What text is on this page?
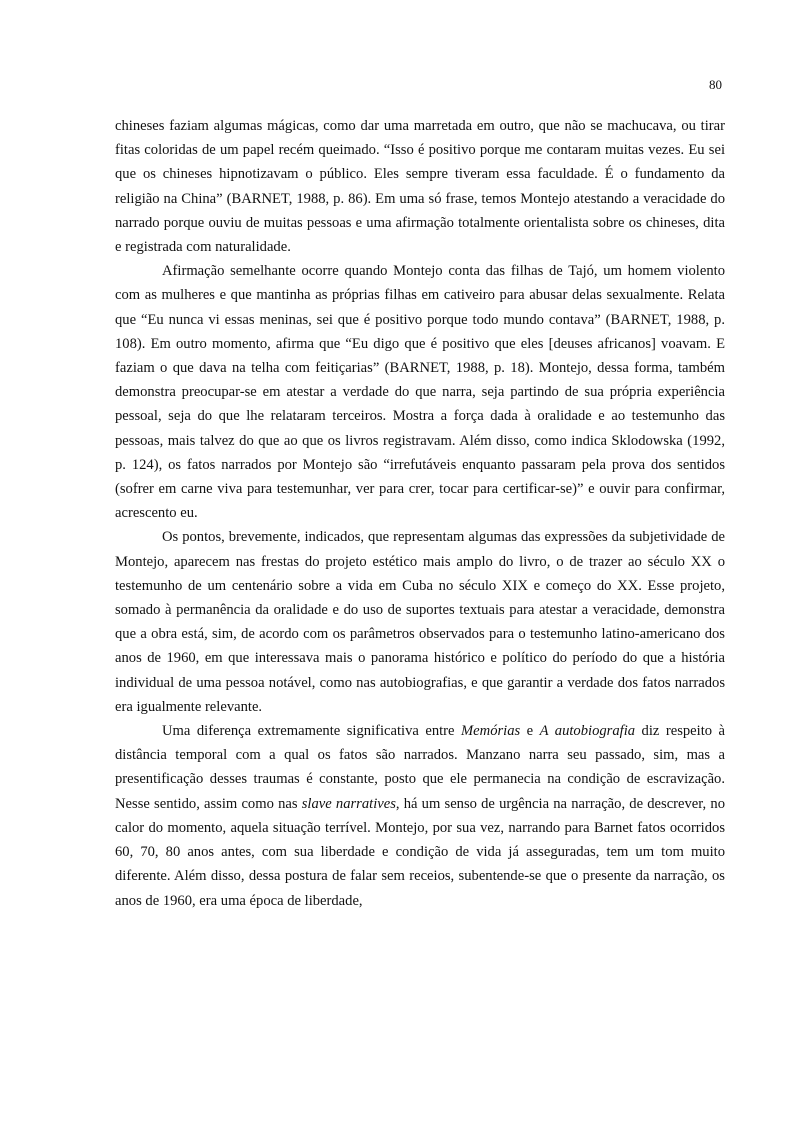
80

chineses faziam algumas mágicas, como dar uma marretada em outro, que não se machucava, ou tirar fitas coloridas de um papel recém queimado. “Isso é positivo porque me contaram muitas vezes. Eu sei que os chineses hipnotizavam o público. Eles sempre tiveram essa faculdade. É o fundamento da religião na China” (BARNET, 1988, p. 86). Em uma só frase, temos Montejo atestando a veracidade do narrado porque ouviu de muitas pessoas e uma afirmação totalmente orientalista sobre os chineses, dita e registrada com naturalidade.

Afirmação semelhante ocorre quando Montejo conta das filhas de Tajó, um homem violento com as mulheres e que mantinha as próprias filhas em cativeiro para abusar delas sexualmente. Relata que “Eu nunca vi essas meninas, sei que é positivo porque todo mundo contava” (BARNET, 1988, p. 108). Em outro momento, afirma que “Eu digo que é positivo que eles [deuses africanos] voavam. E faziam o que dava na telha com feitiçarias” (BARNET, 1988, p. 18). Montejo, dessa forma, também demonstra preocupar-se em atestar a verdade do que narra, seja partindo de sua própria experiência pessoal, seja do que lhe relataram terceiros. Mostra a força dada à oralidade e ao testemunho das pessoas, mais talvez do que ao que os livros registravam. Além disso, como indica Sklodowska (1992, p. 124), os fatos narrados por Montejo são “irrefutáveis enquanto passaram pela prova dos sentidos (sofrer em carne viva para testemunhar, ver para crer, tocar para certificar-se)” e ouvir para confirmar, acrescento eu.

Os pontos, brevemente, indicados, que representam algumas das expressões da subjetividade de Montejo, aparecem nas frestas do projeto estético mais amplo do livro, o de trazer ao século XX o testemunho de um centenário sobre a vida em Cuba no século XIX e começo do XX. Esse projeto, somado à permanência da oralidade e do uso de suportes textuais para atestar a veracidade, demonstra que a obra está, sim, de acordo com os parâmetros observados para o testemunho latino-americano dos anos de 1960, em que interessava mais o panorama histórico e político do período do que a história individual de uma pessoa notável, como nas autobiografias, e que garantir a verdade dos fatos narrados era igualmente relevante.

Uma diferença extremamente significativa entre Memórias e A autobiografia diz respeito à distância temporal com a qual os fatos são narrados. Manzano narra seu passado, sim, mas a presentificação desses traumas é constante, posto que ele permanecia na condição de escravização. Nesse sentido, assim como nas slave narratives, há um senso de urgência na narração, de descrever, no calor do momento, aquela situação terrível. Montejo, por sua vez, narrando para Barnet fatos ocorridos 60, 70, 80 anos antes, com sua liberdade e condição de vida já asseguradas, tem um tom muito diferente. Além disso, dessa postura de falar sem receios, subentende-se que o presente da narração, os anos de 1960, era uma época de liberdade,
